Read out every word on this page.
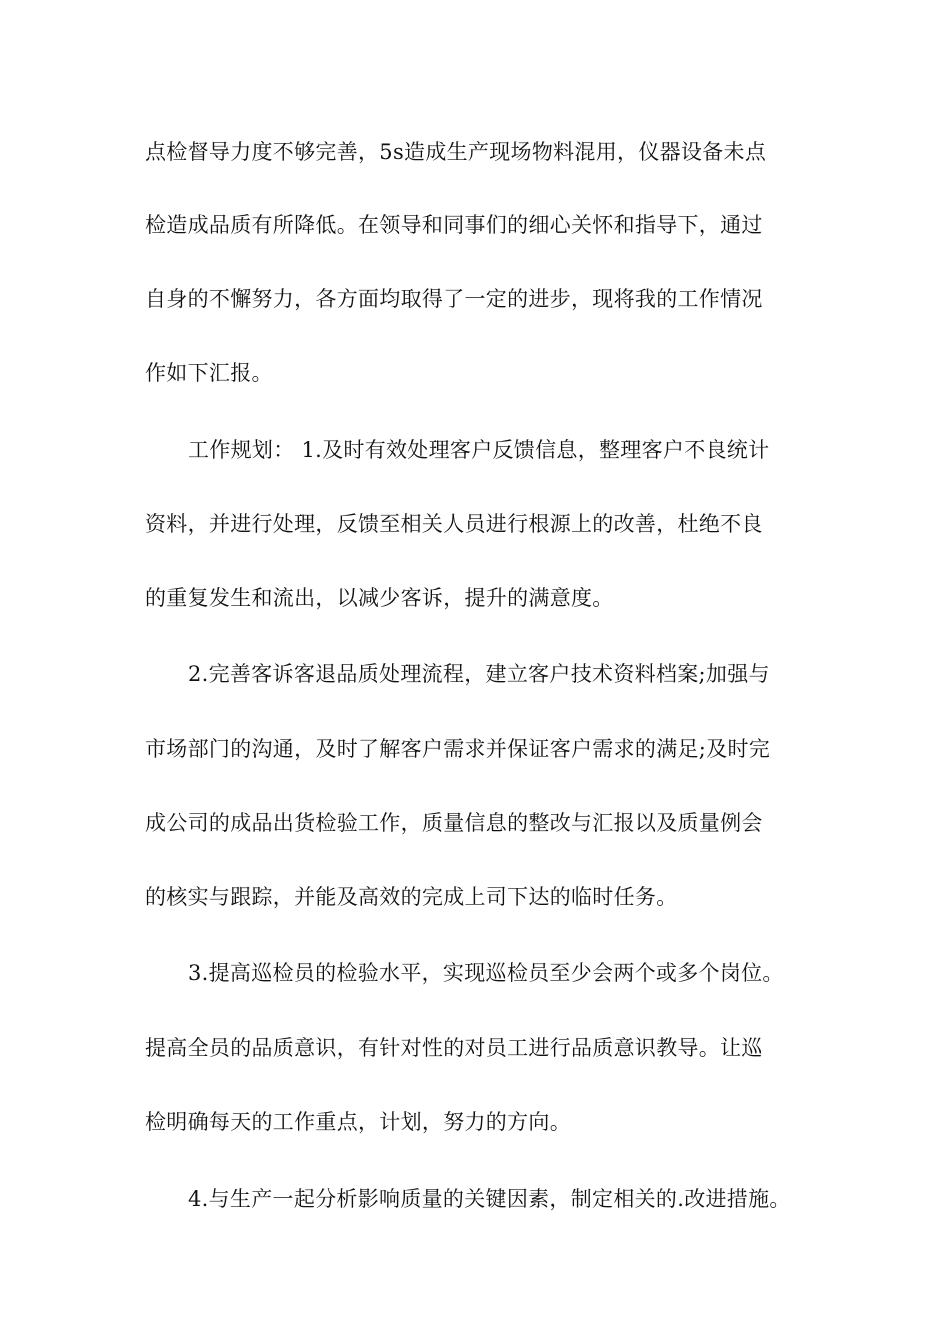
点检督导力度不够完善，5s造成生产现场物料混用，仪器设备未点
检造成品质有所降低。在领导和同事们的细心关怀和指导下，通过
自身的不懈努力，各方面均取得了一定的进步，现将我的工作情况
作如下汇报。
工作规划： 1.及时有效处理客户反馈信息，整理客户不良统计
资料，并进行处理，反馈至相关人员进行根源上的改善，杜绝不良
的重复发生和流出，以减少客诉，提升的满意度。
2.完善客诉客退品质处理流程，建立客户技术资料档案;加强与
市场部门的沟通，及时了解客户需求并保证客户需求的满足;及时完
成公司的成品出货检验工作，质量信息的整改与汇报以及质量例会
的核实与跟踪，并能及高效的完成上司下达的临时任务。
3.提高巡检员的检验水平，实现巡检员至少会两个或多个岗位。
提高全员的品质意识，有针对性的对员工进行品质意识教导。让巡
检明确每天的工作重点，计划，努力的方向。
4.与生产一起分析影响质量的关键因素，制定相关的.改进措施。
